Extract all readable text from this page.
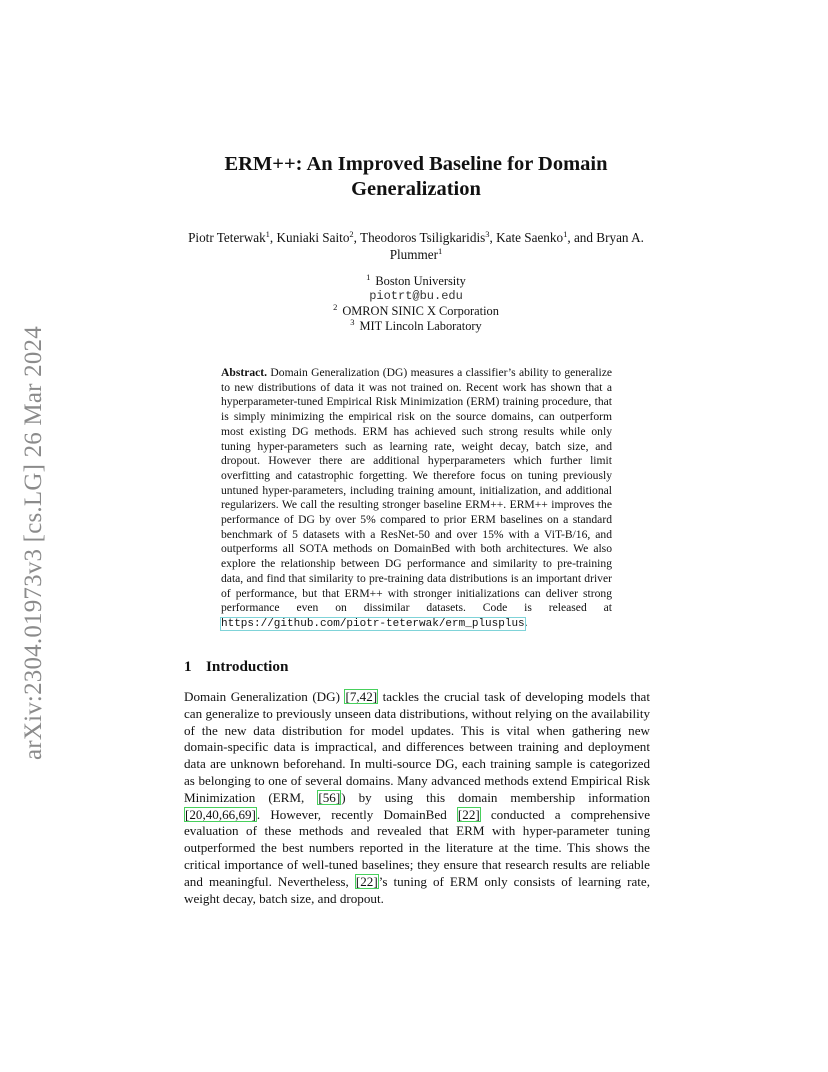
arXiv:2304.01973v3 [cs.LG] 26 Mar 2024
ERM++: An Improved Baseline for Domain
Generalization
Piotr Teterwak$^1$, Kuniaki Saito$^2$, Theodoros Tsiligkaridis$^3$, Kate Saenko$^1$, and Bryan A. Plummer$^1$
$^1$ Boston University
piotrt@bu.edu
$^2$ OMRON SINIC X Corporation
$^3$ MIT Lincoln Laboratory
Abstract. Domain Generalization (DG) measures a classifier’s ability to generalize to new distributions of data it was not trained on. Recent work has shown that a hyperparameter-tuned Empirical Risk Minimization (ERM) training procedure, that is simply minimizing the empirical risk on the source domains, can outperform most existing DG methods. ERM has achieved such strong results while only tuning hyper-parameters such as learning rate, weight decay, batch size, and dropout. However there are additional hyperparameters which further limit overfitting and catastrophic forgetting. We therefore focus on tuning previously untuned hyper-parameters, including training amount, initialization, and additional regularizers. We call the resulting stronger baseline ERM++. ERM++ improves the performance of DG by over 5% compared to prior ERM baselines on a standard benchmark of 5 datasets with a ResNet-50 and over 15% with a ViT-B/16, and outperforms all SOTA methods on DomainBed with both architectures. We also explore the relationship between DG performance and similarity to pre-training data, and find that similarity to pre-training data distributions is an important driver of performance, but that ERM++ with stronger initializations can deliver strong performance even on dissimilar datasets. Code is released at https://github.com/piotr-teterwak/erm_plusplus.
1 Introduction
Domain Generalization (DG) [7,42] tackles the crucial task of developing models that can generalize to previously unseen data distributions, without relying on the availability of the new data distribution for model updates. This is vital when gathering new domain-specific data is impractical, and differences between training and deployment data are unknown beforehand. In multi-source DG, each training sample is categorized as belonging to one of several domains. Many advanced methods extend Empirical Risk Minimization (ERM, [56]) by using this domain membership information [20,40,66,69]. However, recently DomainBed [22] conducted a comprehensive evaluation of these methods and revealed that ERM with hyper-parameter tuning outperformed the best numbers reported in the literature at the time. This shows the critical importance of well-tuned baselines; they ensure that research results are reliable and meaningful. Nevertheless, [22]’s tuning of ERM only consists of learning rate, weight decay, batch size, and dropout.
